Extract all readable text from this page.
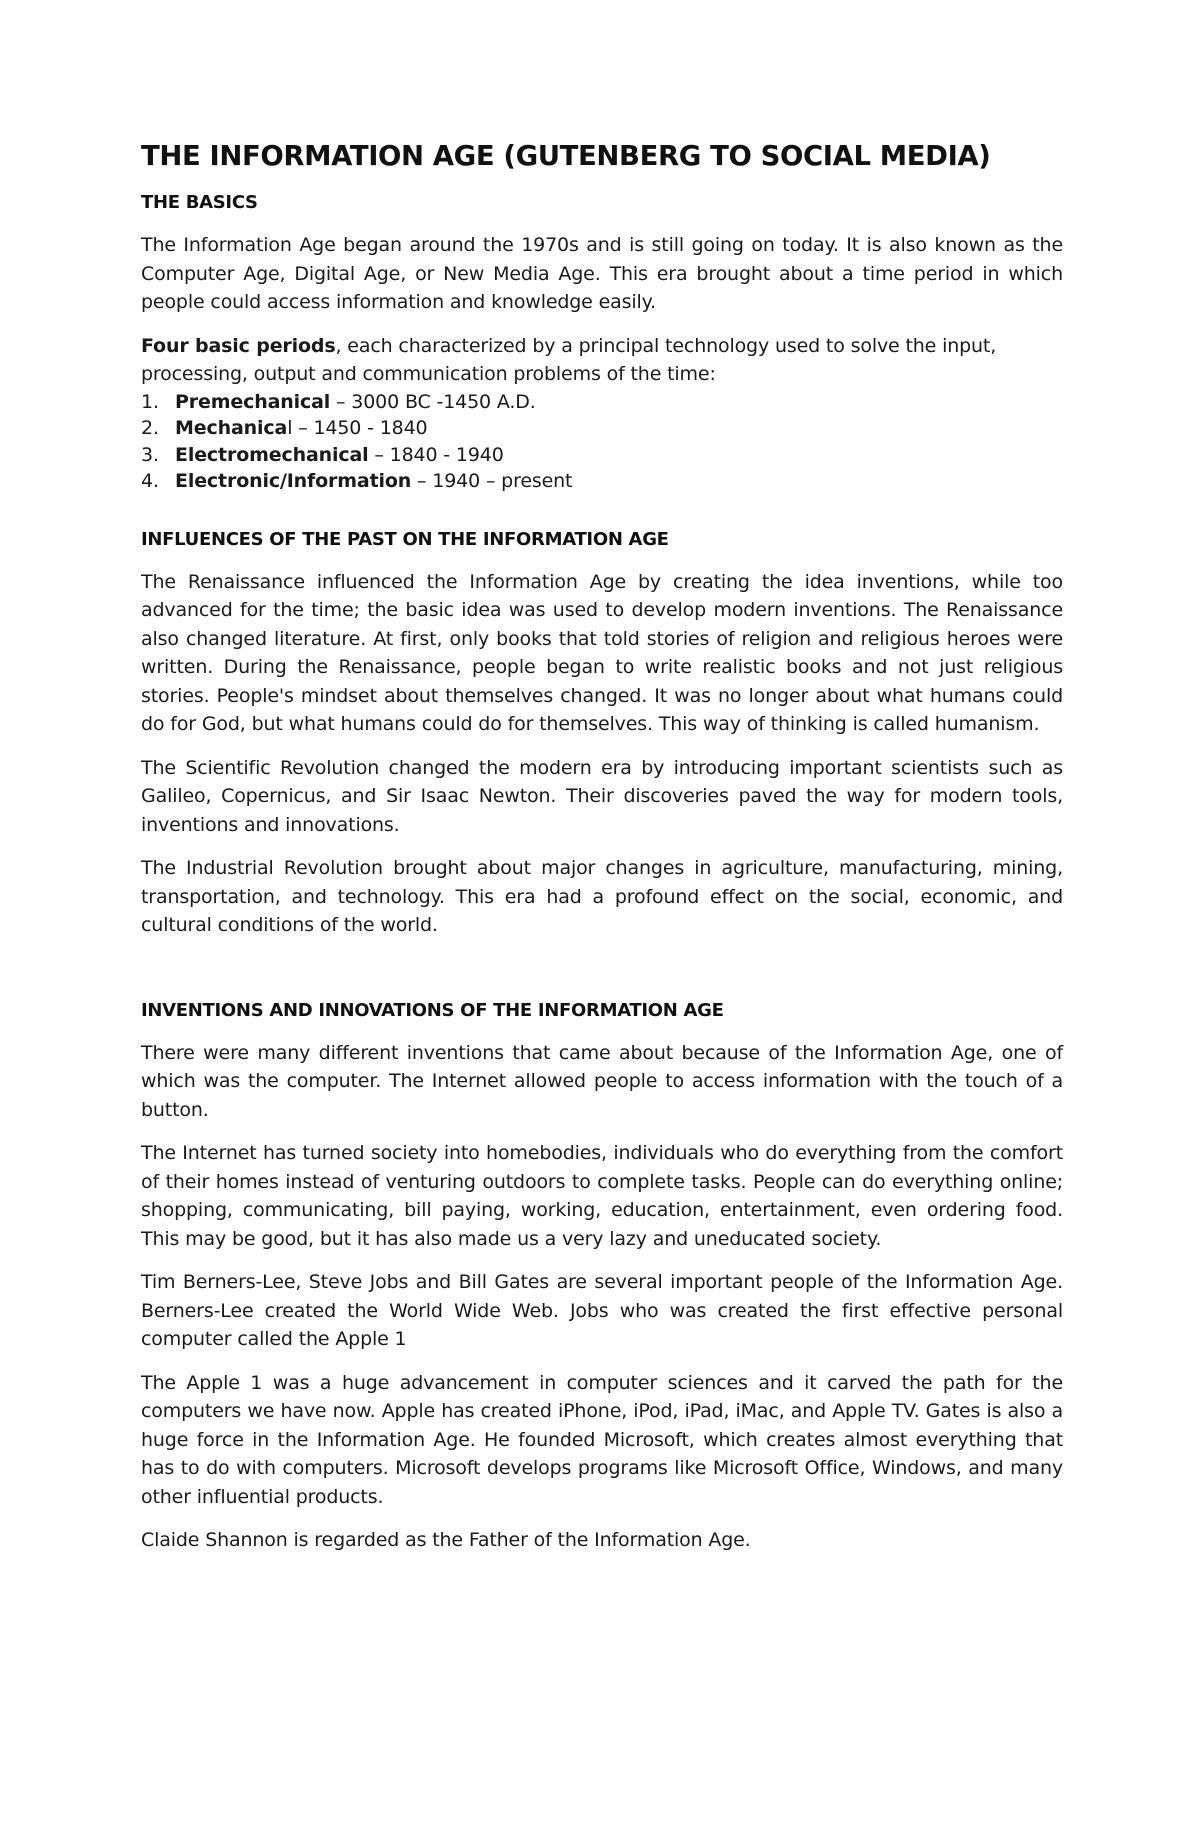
THE INFORMATION AGE (GUTENBERG TO SOCIAL MEDIA)
THE BASICS

The Information Age began around the 1970s and is still going on today. It is also known as the Computer Age, Digital Age, or New Media Age. This era brought about a time period in which people could access information and knowledge easily.

Four basic periods, each characterized by a principal technology used to solve the input, processing, output and communication problems of the time:

1. Premechanical – 3000 BC -1450 A.D.
2. Mechanical – 1450 - 1840
3. Electromechanical – 1840 - 1940
4. Electronic/Information – 1940 – present
INFLUENCES OF THE PAST ON THE INFORMATION AGE

The Renaissance influenced the Information Age by creating the idea inventions, while too advanced for the time; the basic idea was used to develop modern inventions. The Renaissance also changed literature. At first, only books that told stories of religion and religious heroes were written. During the Renaissance, people began to write realistic books and not just religious stories. People's mindset about themselves changed. It was no longer about what humans could do for God, but what humans could do for themselves. This way of thinking is called humanism.

The Scientific Revolution changed the modern era by introducing important scientists such as Galileo, Copernicus, and Sir Isaac Newton. Their discoveries paved the way for modern tools, inventions and innovations.

The Industrial Revolution brought about major changes in agriculture, manufacturing, mining, transportation, and technology. This era had a profound effect on the social, economic, and cultural conditions of the world.

INVENTIONS AND INNOVATIONS OF THE INFORMATION AGE

There were many different inventions that came about because of the Information Age, one of which was the computer. The Internet allowed people to access information with the touch of a button.

The Internet has turned society into homebodies, individuals who do everything from the comfort of their homes instead of venturing outdoors to complete tasks. People can do everything online; shopping, communicating, bill paying, working, education, entertainment, even ordering food. This may be good, but it has also made us a very lazy and uneducated society.

Tim Berners-Lee, Steve Jobs and Bill Gates are several important people of the Information Age. Berners-Lee created the World Wide Web. Jobs who was created the first effective personal computer called the Apple 1

The Apple 1 was a huge advancement in computer sciences and it carved the path for the computers we have now. Apple has created iPhone, iPod, iPad, iMac, and Apple TV. Gates is also a huge force in the Information Age. He founded Microsoft, which creates almost everything that has to do with computers. Microsoft develops programs like Microsoft Office, Windows, and many other influential products.

Claide Shannon is regarded as the Father of the Information Age.
